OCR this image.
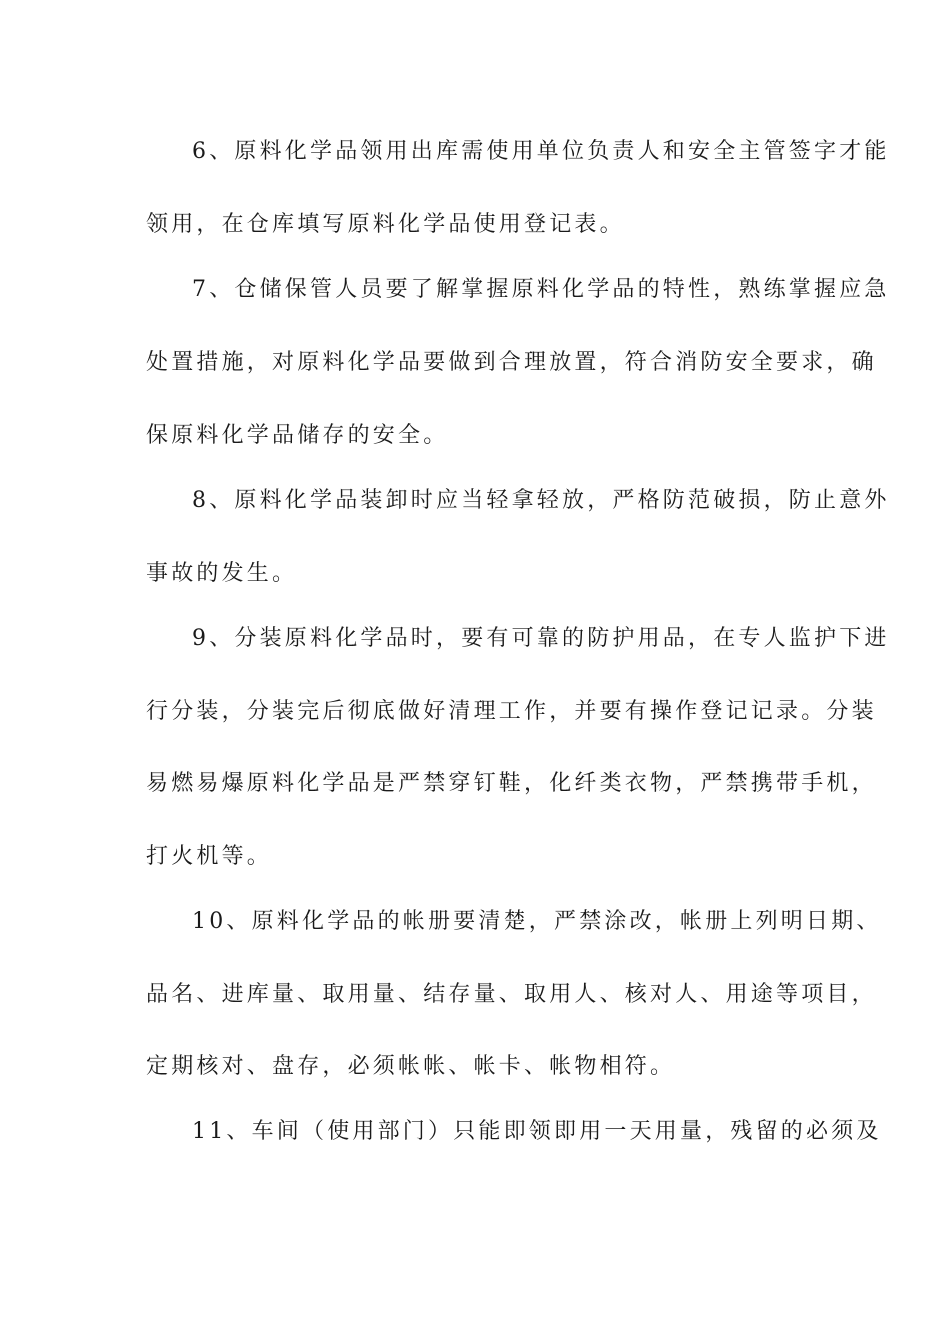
6、原料化学品领用出库需使用单位负责人和安全主管签字才能
领用，在仓库填写原料化学品使用登记表。
7、仓储保管人员要了解掌握原料化学品的特性，熟练掌握应急
处置措施，对原料化学品要做到合理放置，符合消防安全要求，确
保原料化学品储存的安全。
8、原料化学品装卸时应当轻拿轻放，严格防范破损，防止意外
事故的发生。
9、分装原料化学品时，要有可靠的防护用品，在专人监护下进
行分装，分装完后彻底做好清理工作，并要有操作登记记录。分装
易燃易爆原料化学品是严禁穿钉鞋，化纤类衣物，严禁携带手机，
打火机等。
10、原料化学品的帐册要清楚，严禁涂改，帐册上列明日期、
品名、进库量、取用量、结存量、取用人、核对人、用途等项目，
定期核对、盘存，必须帐帐、帐卡、帐物相符。
11、车间（使用部门）只能即领即用一天用量，残留的必须及
